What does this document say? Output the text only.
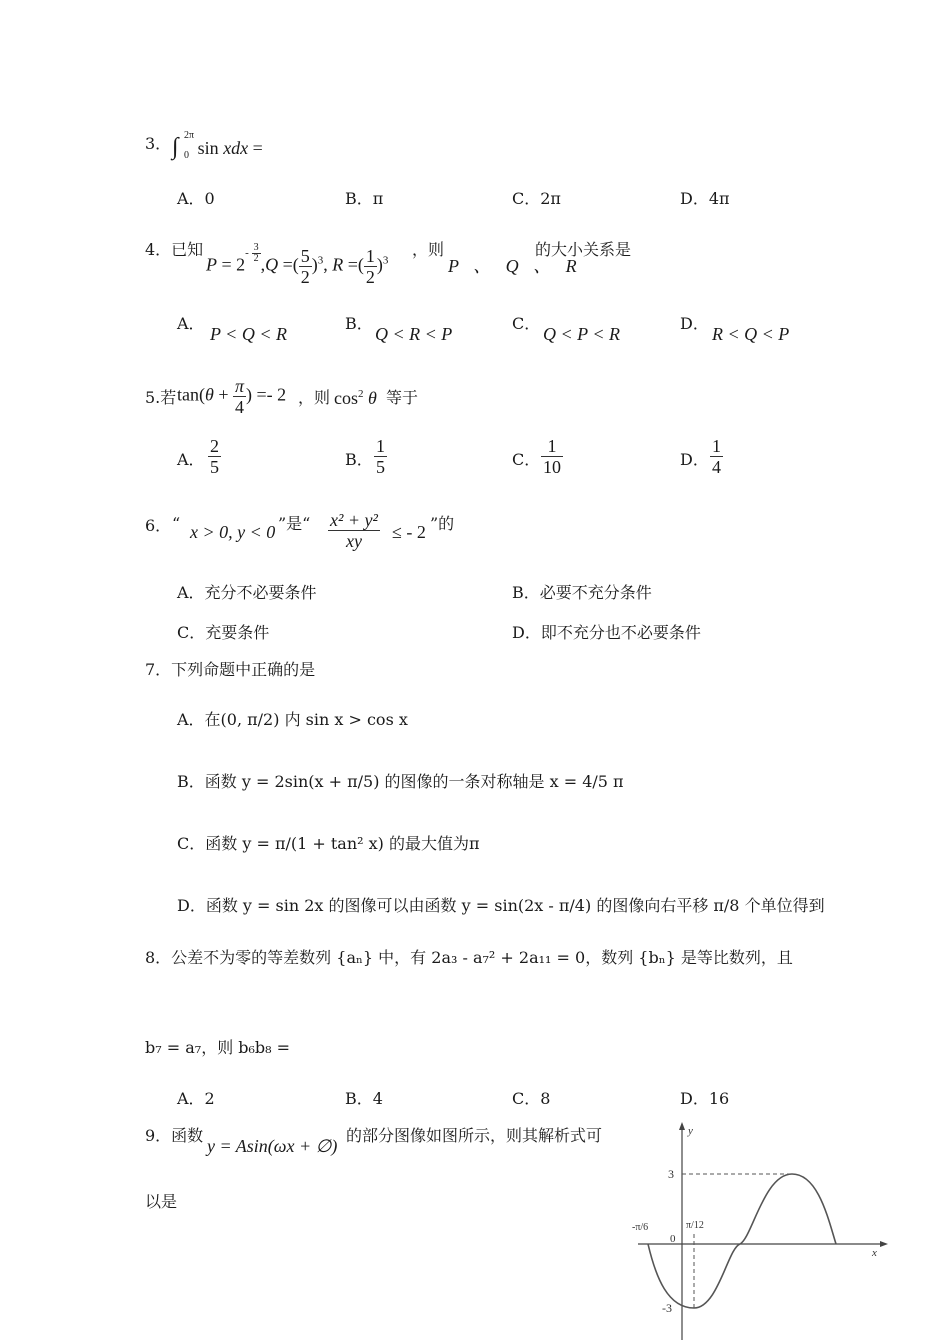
3． ∫ 2π
0 sin xdx =
A．0	B．π	C．2π	D．4π
4．已知
$P = 2^{- \frac{3}{2}}$
,Q =( $\frac{5}{2} )^3$, R =( $\frac{1}{2} )^3$
，则
P 、 Q 、 R
的大小关系是
A．
P < Q < R
B．
Q < R < P
C．
Q < P < R
D．
R < Q < P
5.若 $\tan(\theta + \frac{\pi}{4}$ ) =- 2 ，则 $\cos^2 \theta$ 等于
A． $\frac{2}{5}$	B． $\frac{1}{5}$	C． $\frac{1}{10}$	D． $\frac{1}{4}$
6． “ x > 0, y < 0 ”是“ $\frac{\text{x² + y²}}{xy}$ ≤ - 2 ”的
A．充分不必要条件	B．必要不充分条件
C．充要条件	D．即不充分也不必要条件
7．下列命题中正确的是
A．在(0, π/2) 内 sin x > cos x
B．函数 y = 2sin(x + π/5) 的图像的一条对称轴是 x = 4/5 π
C．函数 y = π/(1 + tan² x) 的最大值为π
D．函数 y = sin 2x 的图像可以由函数 y = sin(2x - π/4) 的图像向右平移 π/8 个单位得到
8．公差不为零的等差数列 {aₙ} 中，有 2a₃ - a₇² + 2a₁₁ = 0，数列 {bₙ} 是等比数列，且
b₇ = a₇，则 b₆b₈ =
A．2	B．4	C．8	D．16
9．函数
y = Asin(ωx + ∅)
的部分图像如图所示，则其解析式可
以是
y
x
3
-3
0
-π/6	π/12
